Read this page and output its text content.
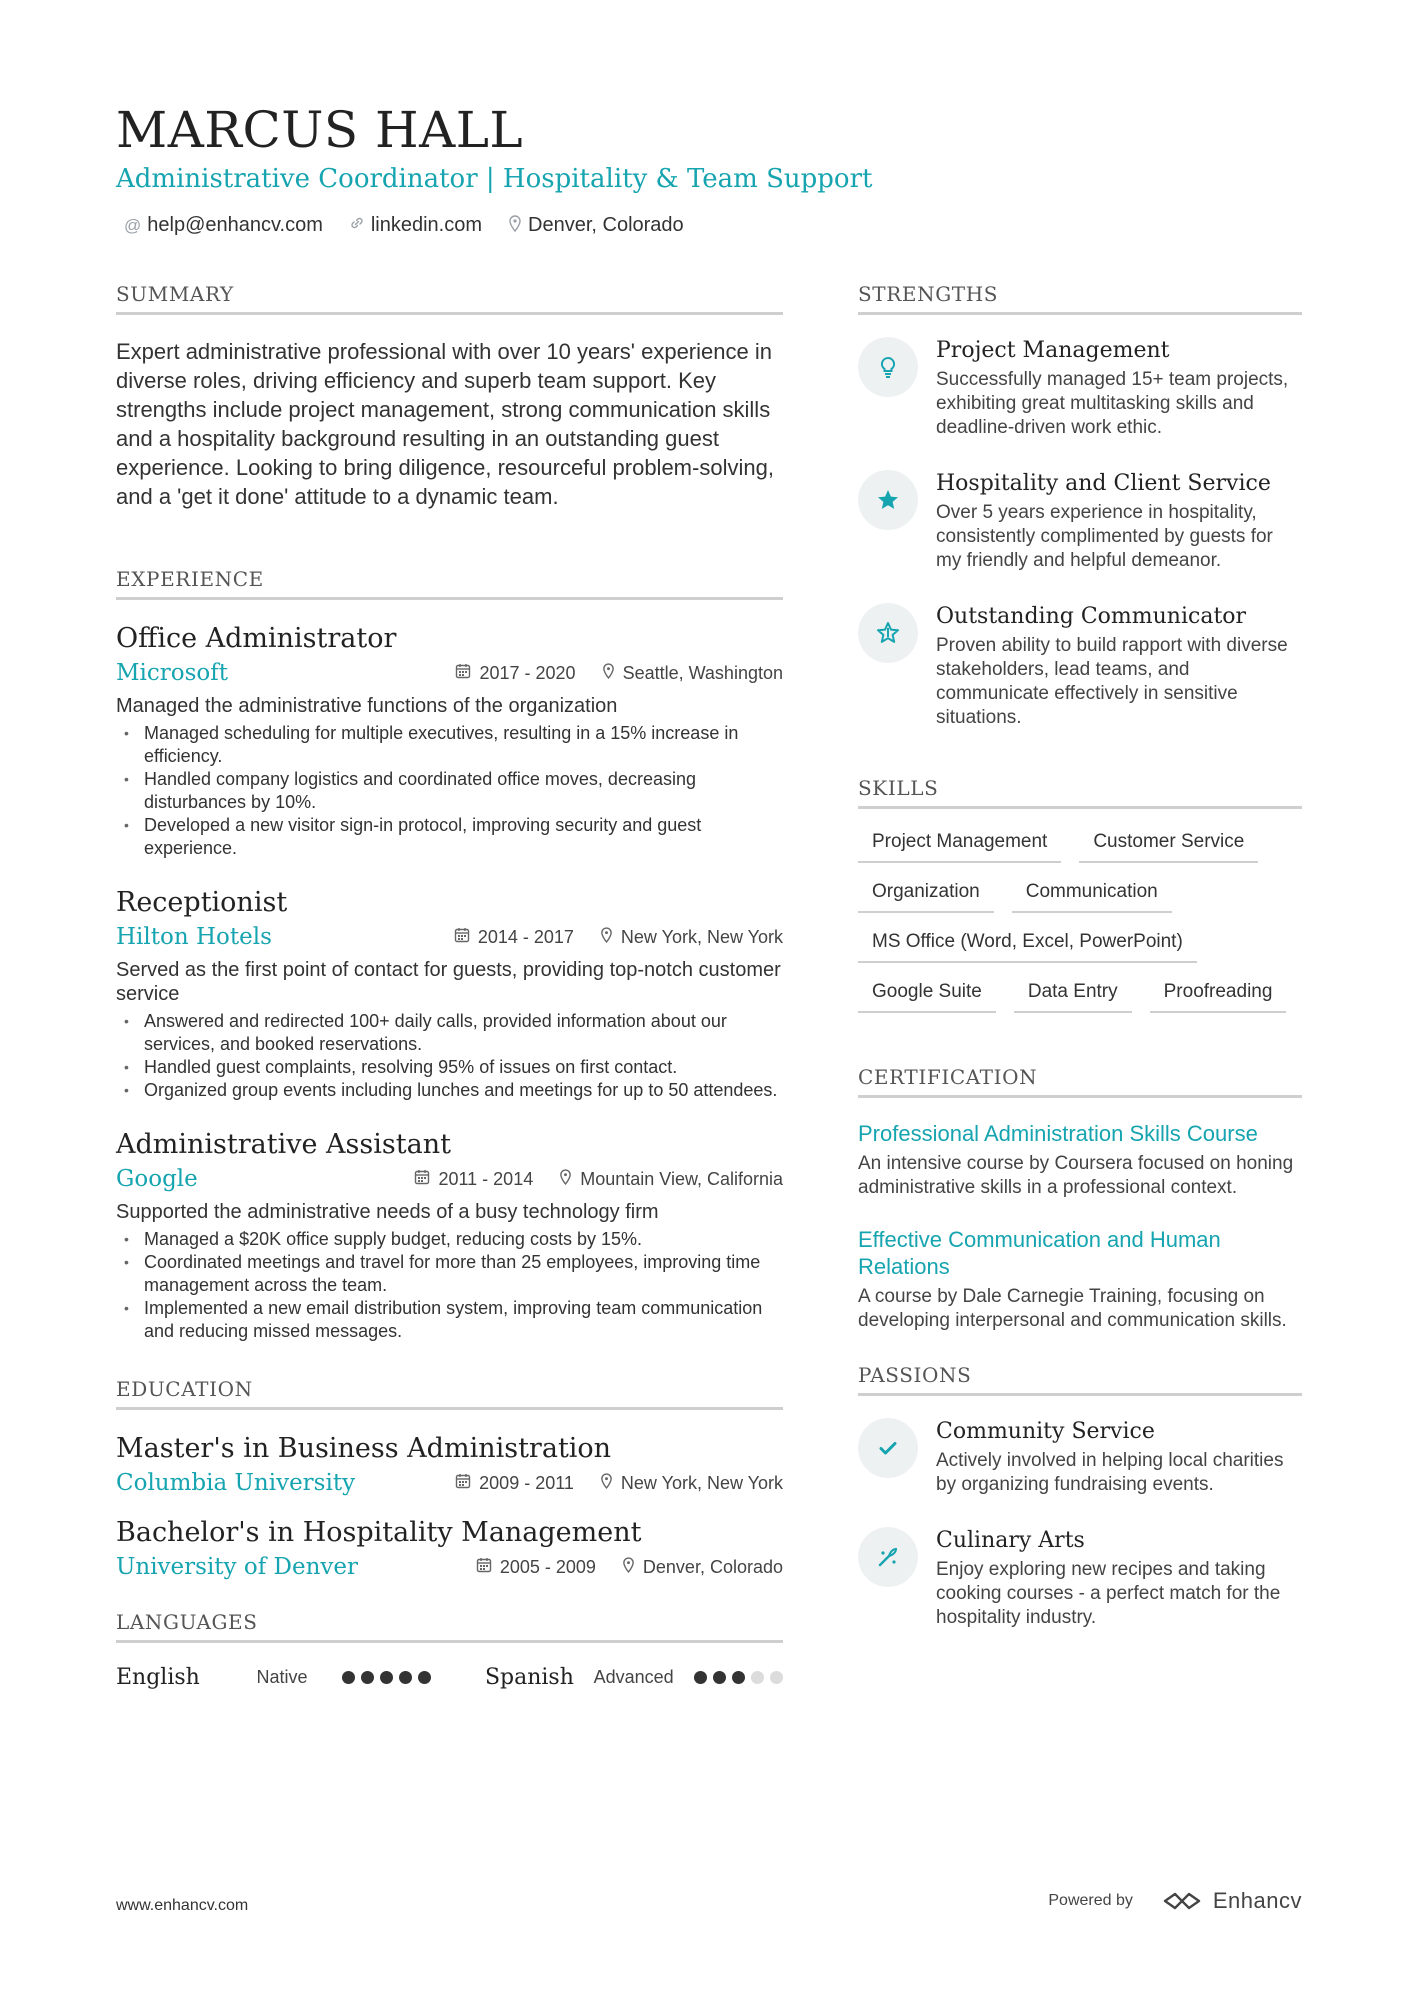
MARCUS HALL
Administrative Coordinator | Hospitality & Team Support
@ help@enhancv.com linkedin.com Denver, Colorado
SUMMARY

Expert administrative professional with over 10 years' experience in diverse roles, driving efficiency and superb team support. Key strengths include project management, strong communication skills and a hospitality background resulting in an outstanding guest experience. Looking to bring diligence, resourceful problem-solving, and a 'get it done' attitude to a dynamic team.

EXPERIENCE
Office Administrator
Microsoft	2017 - 2020	Seattle, Washington
Managed the administrative functions of the organization
• Managed scheduling for multiple executives, resulting in a 15% increase in efficiency.
• Handled company logistics and coordinated office moves, decreasing disturbances by 10%.
• Developed a new visitor sign-in protocol, improving security and guest experience.
Receptionist
Hilton Hotels	2014 - 2017	New York, New York
Served as the first point of contact for guests, providing top-notch customer service
• Answered and redirected 100+ daily calls, provided information about our services, and booked reservations.
• Handled guest complaints, resolving 95% of issues on first contact.
• Organized group events including lunches and meetings for up to 50 attendees.
Administrative Assistant
Google	2011 - 2014	Mountain View, California
Supported the administrative needs of a busy technology firm
• Managed a $20K office supply budget, reducing costs by 15%.
• Coordinated meetings and travel for more than 25 employees, improving time management across the team.
• Implemented a new email distribution system, improving team communication and reducing missed messages.
EDUCATION
Master's in Business Administration
Columbia University	2009 - 2011	New York, New York
Bachelor's in Hospitality Management
University of Denver	2005 - 2009	Denver, Colorado
LANGUAGES
English	Native	Spanish	Advanced
STRENGTHS
Project Management
Successfully managed 15+ team projects, exhibiting great multitasking skills and deadline-driven work ethic.
Hospitality and Client Service
Over 5 years experience in hospitality, consistently complimented by guests for my friendly and helpful demeanor.
Outstanding Communicator
Proven ability to build rapport with diverse stakeholders, lead teams, and communicate effectively in sensitive situations.
SKILLS
Project Management	Customer Service
Organization	Communication
MS Office (Word, Excel, PowerPoint)
Google Suite	Data Entry	Proofreading
CERTIFICATION
Professional Administration Skills Course
An intensive course by Coursera focused on honing administrative skills in a professional context.
Effective Communication and Human Relations
A course by Dale Carnegie Training, focusing on developing interpersonal and communication skills.
PASSIONS
Community Service
Actively involved in helping local charities by organizing fundraising events.
Culinary Arts
Enjoy exploring new recipes and taking cooking courses - a perfect match for the hospitality industry.
www.enhancv.com	Powered by	Enhancv
